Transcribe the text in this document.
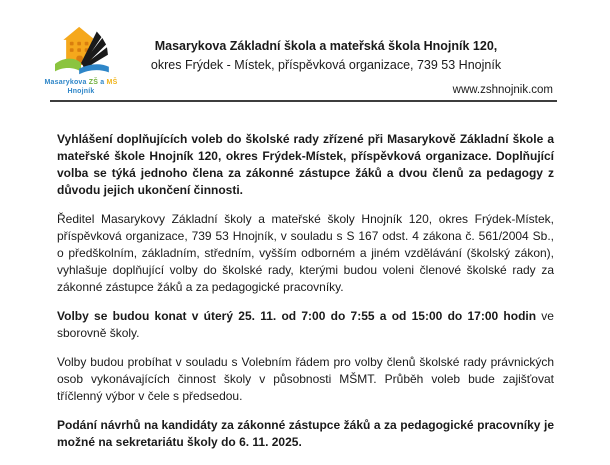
Masarykova ZŠ a MŠ
Hnojník
Masarykova Základní škola a mateřská škola Hnojník 120,
okres Frýdek - Místek, příspěvková organizace, 739 53 Hnojník
www.zshnojnik.com

Vyhlášení doplňujících voleb do školské rady zřízené při Masarykově Základní škole a mateřské škole Hnojník 120, okres Frýdek-Místek, příspěvková organizace. Doplňující volba se týká jednoho člena za zákonné zástupce žáků a dvou členů za pedagogy z důvodu jejich ukončení činnosti.

Ředitel Masarykovy Základní školy a mateřské školy Hnojník 120, okres Frýdek-Místek, příspěvková organizace, 739 53 Hnojník, v souladu s S 167 odst. 4 zákona č. 561/2004 Sb., o předškolním, základním, středním, vyšším odborném a jiném vzdělávání (školský zákon), vyhlašuje doplňující volby do školské rady, kterými budou voleni členové školské rady za zákonné zástupce žáků a za pedagogické pracovníky.

Volby se budou konat v úterý 25. 11. od 7:00 do 7:55 a od 15:00 do 17:00 hodin ve sborovně školy.

Volby budou probíhat v souladu s Volebním řádem pro volby členů školské rady právnických osob vykonávajících činnost školy v působnosti MŠMT. Průběh voleb bude zajišťovat tříčlenný výbor v čele s předsedou.

Podání návrhů na kandidáty za zákonné zástupce žáků a za pedagogické pracovníky je možné na sekretariátu školy do 6. 11. 2025.
